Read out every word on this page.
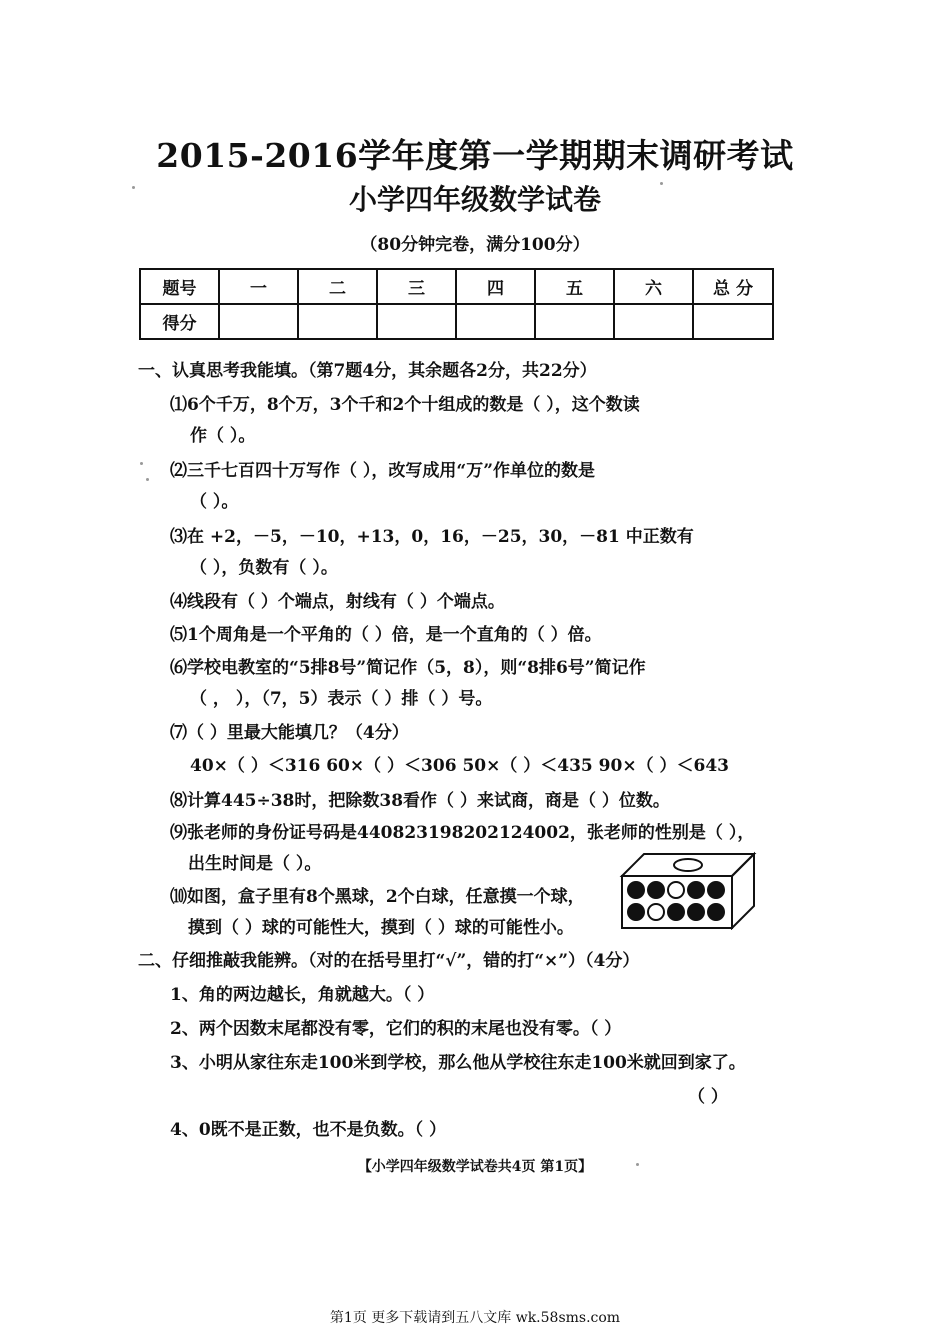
2015-2016学年度第一学期期末调研考试
小学四年级数学试卷
（80分钟完卷，满分100分）
题号	一	二	三	四	五	六	总 分
得分							
一、认真思考我能填。（第7题4分，其余题各2分，共22分）
⑴6个千万，8个万，3个千和2个十组成的数是（ ），这个数读
作（ ）。
⑵三千七百四十万写作（ ），改写成用“万”作单位的数是
（ ）。
⑶在 +2，－5，－10，+13，0，16，－25，30，－81 中正数有
（ ），负数有（ ）。
⑷线段有（ ）个端点，射线有（ ）个端点。
⑸1个周角是一个平角的（ ）倍，是一个直角的（ ）倍。
⑹学校电教室的“5排8号”简记作（5，8），则“8排6号”简记作
（ ， ），（7，5）表示（ ）排（ ）号。
⑺（ ）里最大能填几？（4分）
40×（ ）＜316 60×（ ）＜306 50×（ ）＜435 90×（ ）＜643
⑻计算445÷38时，把除数38看作（ ）来试商，商是（ ）位数。
⑼张老师的身份证号码是440823198202124002，张老师的性别是（ ），
出生时间是（ ）。
⑽如图，盒子里有8个黑球，2个白球，任意摸一个球，
摸到（ ）球的可能性大，摸到（ ）球的可能性小。
二、仔细推敲我能辨。（对的在括号里打“√”，错的打“×”）（4分）
1、角的两边越长，角就越大。（ ）
2、两个因数末尾都没有零，它们的积的末尾也没有零。（ ）
3、小明从家往东走100米到学校，那么他从学校往东走100米就回到家了。
（ ）
4、0既不是正数，也不是负数。（ ）
【小学四年级数学试卷共4页 第1页】
第1页 更多下载请到五八文库 wk.58sms.com
